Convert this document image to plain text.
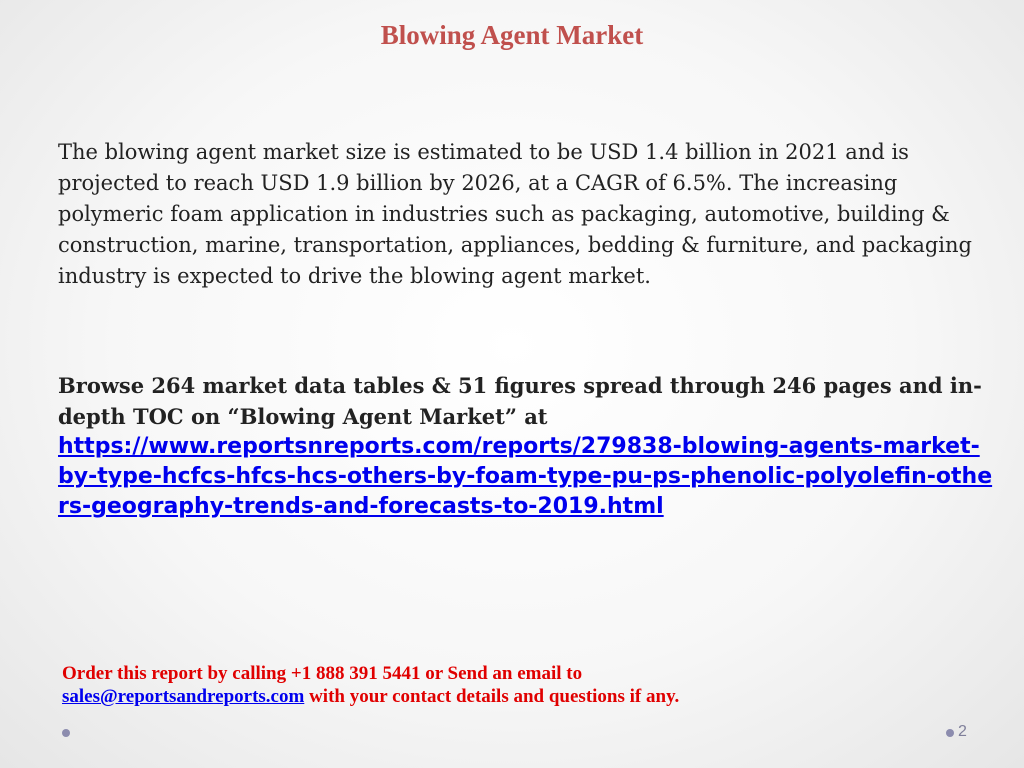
Blowing Agent Market

The blowing agent market size is estimated to be USD 1.4 billion in 2021 and is projected to reach USD 1.9 billion by 2026, at a CAGR of 6.5%. The increasing polymeric foam application in industries such as packaging, automotive, building & construction, marine, transportation, appliances, bedding & furniture, and packaging industry is expected to drive the blowing agent market.

Browse 264 market data tables & 51 figures spread through 246 pages and in-depth TOC on “Blowing Agent Market” at
https://www.reportsnreports.com/reports/279838-blowing-agents-market-by-type-hcfcs-hfcs-hcs-others-by-foam-type-pu-ps-phenolic-polyolefin-others-geography-trends-and-forecasts-to-2019.html
Order this report by calling +1 888 391 5441 or Send an email to
sales@reportsandreports.com with your contact details and questions if any.
2
